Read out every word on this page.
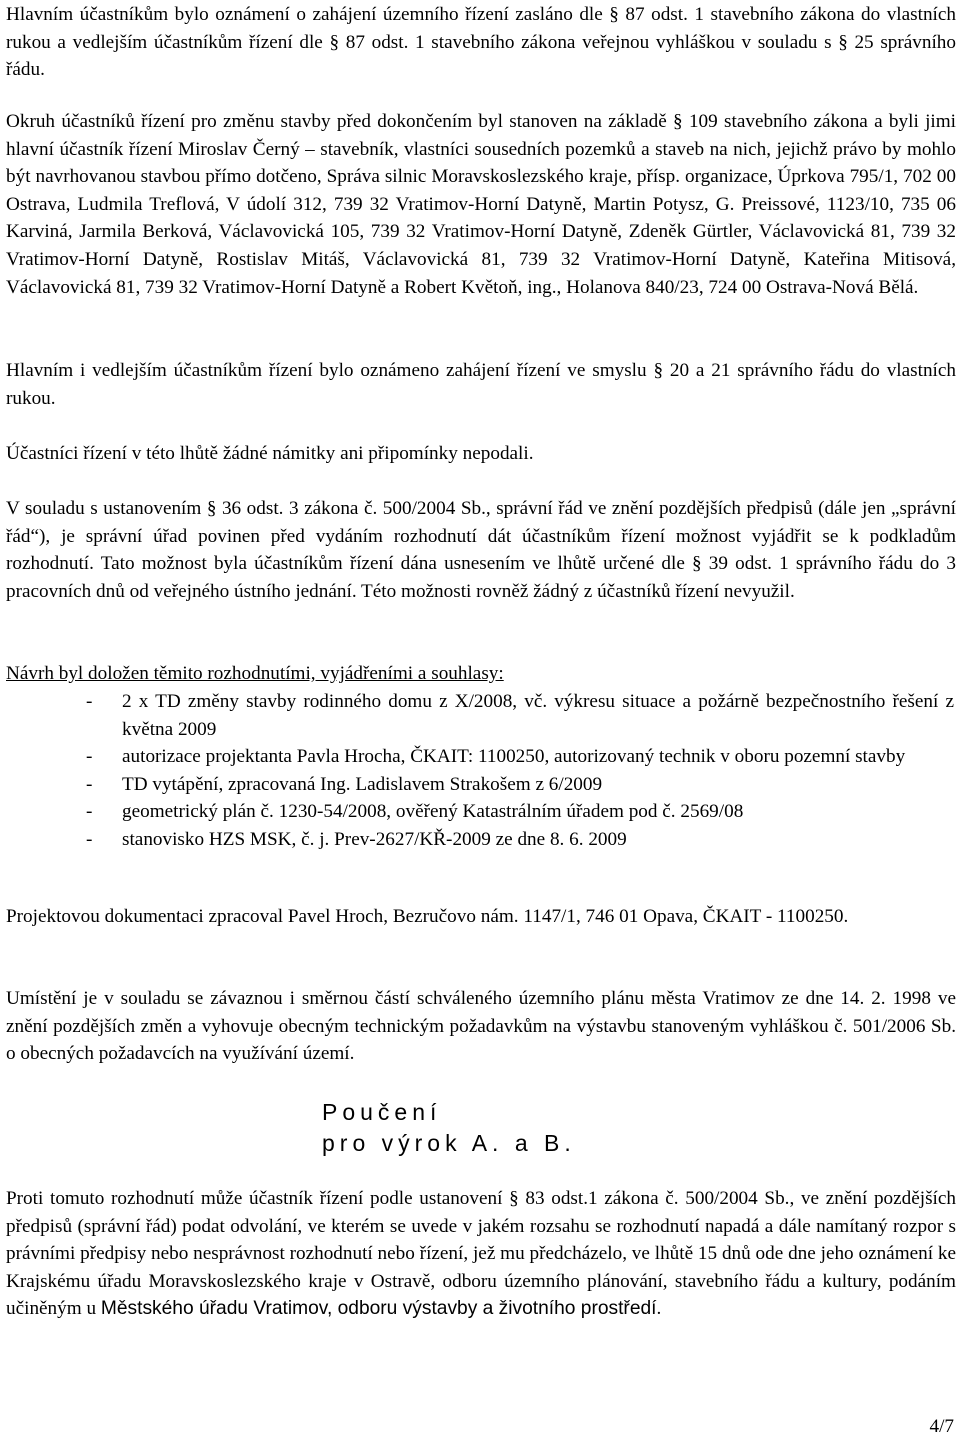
Hlavním účastníkům bylo oznámení o zahájení územního řízení zasláno dle § 87 odst. 1 stavebního zákona do vlastních rukou a vedlejším účastníkům řízení dle § 87 odst. 1 stavebního zákona veřejnou vyhláškou v souladu s § 25 správního řádu.

Okruh účastníků řízení pro změnu stavby před dokončením byl stanoven na základě § 109 stavebního zákona a byli jimi hlavní účastník řízení Miroslav Černý – stavebník, vlastníci sousedních pozemků a staveb na nich, jejichž právo by mohlo být navrhovanou stavbou přímo dotčeno, Správa silnic Moravskoslezského kraje, přísp. organizace, Úprkova 795/1, 702 00 Ostrava, Ludmila Treflová, V údolí 312, 739 32 Vratimov-Horní Datyně, Martin Potysz, G. Preissové, 1123/10, 735 06 Karviná, Jarmila Berková, Václavovická 105, 739 32 Vratimov-Horní Datyně, Zdeněk Gürtler, Václavovická 81, 739 32 Vratimov-Horní Datyně, Rostislav Mitáš, Václavovická 81, 739 32 Vratimov-Horní Datyně, Kateřina Mitisová, Václavovická 81, 739 32 Vratimov-Horní Datyně a Robert Květoň, ing., Holanova 840/23, 724 00 Ostrava-Nová Bělá.

Hlavním i vedlejším účastníkům řízení bylo oznámeno zahájení řízení ve smyslu § 20 a 21 správního řádu do vlastních rukou.

Účastníci řízení v této lhůtě žádné námitky ani připomínky nepodali.

V souladu s ustanovením § 36 odst. 3 zákona č. 500/2004 Sb., správní řád ve znění pozdějších předpisů (dále jen „správní řád“), je správní úřad povinen před vydáním rozhodnutí dát účastníkům řízení možnost vyjádřit se k podkladům rozhodnutí. Tato možnost byla účastníkům řízení dána usnesením ve lhůtě určené dle § 39 odst. 1 správního řádu do 3 pracovních dnů od veřejného ústního jednání. Této možnosti rovněž žádný z účastníků řízení nevyužil.

Návrh byl doložen těmito rozhodnutími, vyjádřeními a souhlasy:

- 2 x TD změny stavby rodinného domu z X/2008, vč. výkresu situace a požárně bezpečnostního řešení z května 2009
- autorizace projektanta Pavla Hrocha, ČKAIT: 1100250, autorizovaný technik v oboru pozemní stavby
- TD vytápění, zpracovaná Ing. Ladislavem Strakošem z 6/2009
- geometrický plán č. 1230-54/2008, ověřený Katastrálním úřadem pod č. 2569/08
- stanovisko HZS MSK, č. j. Prev-2627/KŘ-2009 ze dne 8. 6. 2009

Projektovou dokumentaci zpracoval Pavel Hroch, Bezručovo nám. 1147/1, 746 01 Opava, ČKAIT - 1100250.

Umístění je v souladu se závaznou i směrnou částí schváleného územního plánu města Vratimov ze dne 14. 2. 1998 ve znění pozdějších změn a vyhovuje obecným technickým požadavkům na výstavbu stanoveným vyhláškou č. 501/2006 Sb. o obecných požadavcích na využívání území.

Poučení

pro výrok A. a B.

Proti tomuto rozhodnutí může účastník řízení podle ustanovení § 83 odst.1 zákona č. 500/2004 Sb., ve znění pozdějších předpisů (správní řád) podat odvolání, ve kterém se uvede v jakém rozsahu se rozhodnutí napadá a dále namítaný rozpor s právními předpisy nebo nesprávnost rozhodnutí nebo řízení, jež mu předcházelo, ve lhůtě 15 dnů ode dne jeho oznámení ke Krajskému úřadu Moravskoslezského kraje v Ostravě, odboru územního plánování, stavebního řádu a kultury, podáním učiněným u Městského úřadu Vratimov, odboru výstavby a životního prostředí.

4/7
